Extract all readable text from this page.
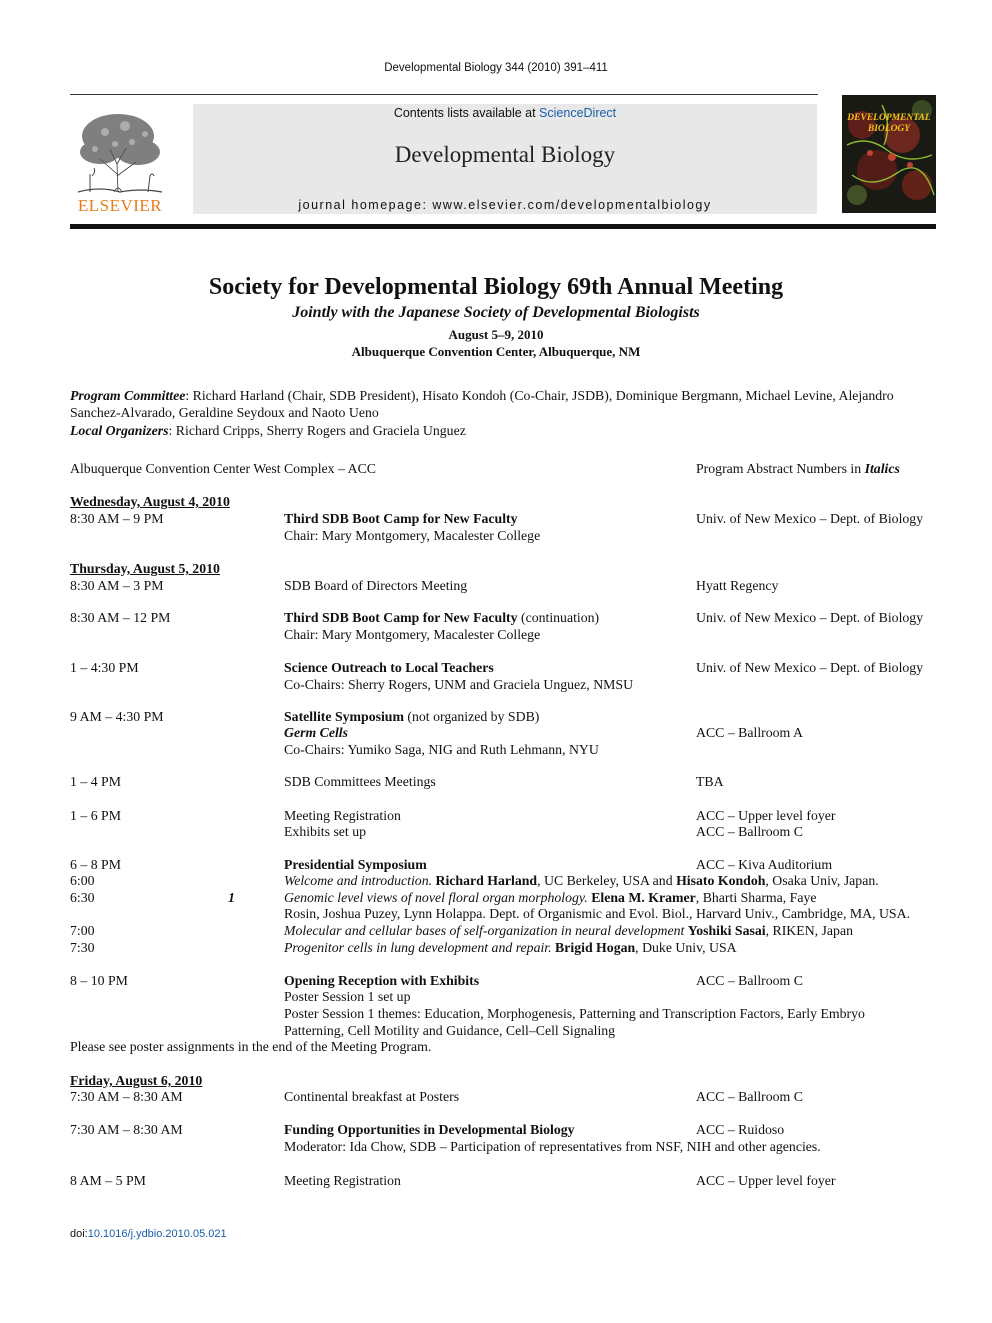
Developmental Biology 344 (2010) 391–411
ELSEVIER
Contents lists available at ScienceDirect
Developmental Biology
journal homepage: www.elsevier.com/developmentalbiology
DEVELOPMENTAL
BIOLOGY
Society for Developmental Biology 69th Annual Meeting
Jointly with the Japanese Society of Developmental Biologists
August 5–9, 2010
Albuquerque Convention Center, Albuquerque, NM
Program Committee: Richard Harland (Chair, SDB President), Hisato Kondoh (Co-Chair, JSDB), Dominique Bergmann, Michael Levine, Alejandro
Sanchez-Alvarado, Geraldine Seydoux and Naoto Ueno
Local Organizers: Richard Cripps, Sherry Rogers and Graciela Unguez
Albuquerque Convention Center West Complex – ACC	Program Abstract Numbers in Italics
Wednesday, August 4, 2010
8:30 AM – 9 PM	Third SDB Boot Camp for New Faculty	Univ. of New Mexico – Dept. of Biology
Chair: Mary Montgomery, Macalester College
Thursday, August 5, 2010
8:30 AM – 3 PM	SDB Board of Directors Meeting	Hyatt Regency
8:30 AM – 12 PM	Third SDB Boot Camp for New Faculty (continuation)	Univ. of New Mexico – Dept. of Biology
Chair: Mary Montgomery, Macalester College
1 – 4:30 PM	Science Outreach to Local Teachers	Univ. of New Mexico – Dept. of Biology
Co-Chairs: Sherry Rogers, UNM and Graciela Unguez, NMSU
9 AM – 4:30 PM	Satellite Symposium (not organized by SDB)
Germ Cells	ACC – Ballroom A
Co-Chairs: Yumiko Saga, NIG and Ruth Lehmann, NYU
1 – 4 PM	SDB Committees Meetings	TBA
1 – 6 PM	Meeting Registration	ACC – Upper level foyer
Exhibits set up	ACC – Ballroom C
6 – 8 PM	Presidential Symposium	ACC – Kiva Auditorium
6:00	Welcome and introduction. Richard Harland, UC Berkeley, USA and Hisato Kondoh, Osaka Univ, Japan.
6:30	1	Genomic level views of novel floral organ morphology. Elena M. Kramer, Bharti Sharma, Faye
Rosin, Joshua Puzey, Lynn Holappa. Dept. of Organismic and Evol. Biol., Harvard Univ., Cambridge, MA, USA.
7:00	Molecular and cellular bases of self-organization in neural development Yoshiki Sasai, RIKEN, Japan
7:30	Progenitor cells in lung development and repair. Brigid Hogan, Duke Univ, USA
8 – 10 PM	Opening Reception with Exhibits	ACC – Ballroom C
Poster Session 1 set up
Poster Session 1 themes: Education, Morphogenesis, Patterning and Transcription Factors, Early Embryo
Patterning, Cell Motility and Guidance, Cell–Cell Signaling
Please see poster assignments in the end of the Meeting Program.
Friday, August 6, 2010
7:30 AM – 8:30 AM	Continental breakfast at Posters	ACC – Ballroom C
7:30 AM – 8:30 AM	Funding Opportunities in Developmental Biology	ACC – Ruidoso
Moderator: Ida Chow, SDB – Participation of representatives from NSF, NIH and other agencies.
8 AM – 5 PM	Meeting Registration	ACC – Upper level foyer
doi:10.1016/j.ydbio.2010.05.021
